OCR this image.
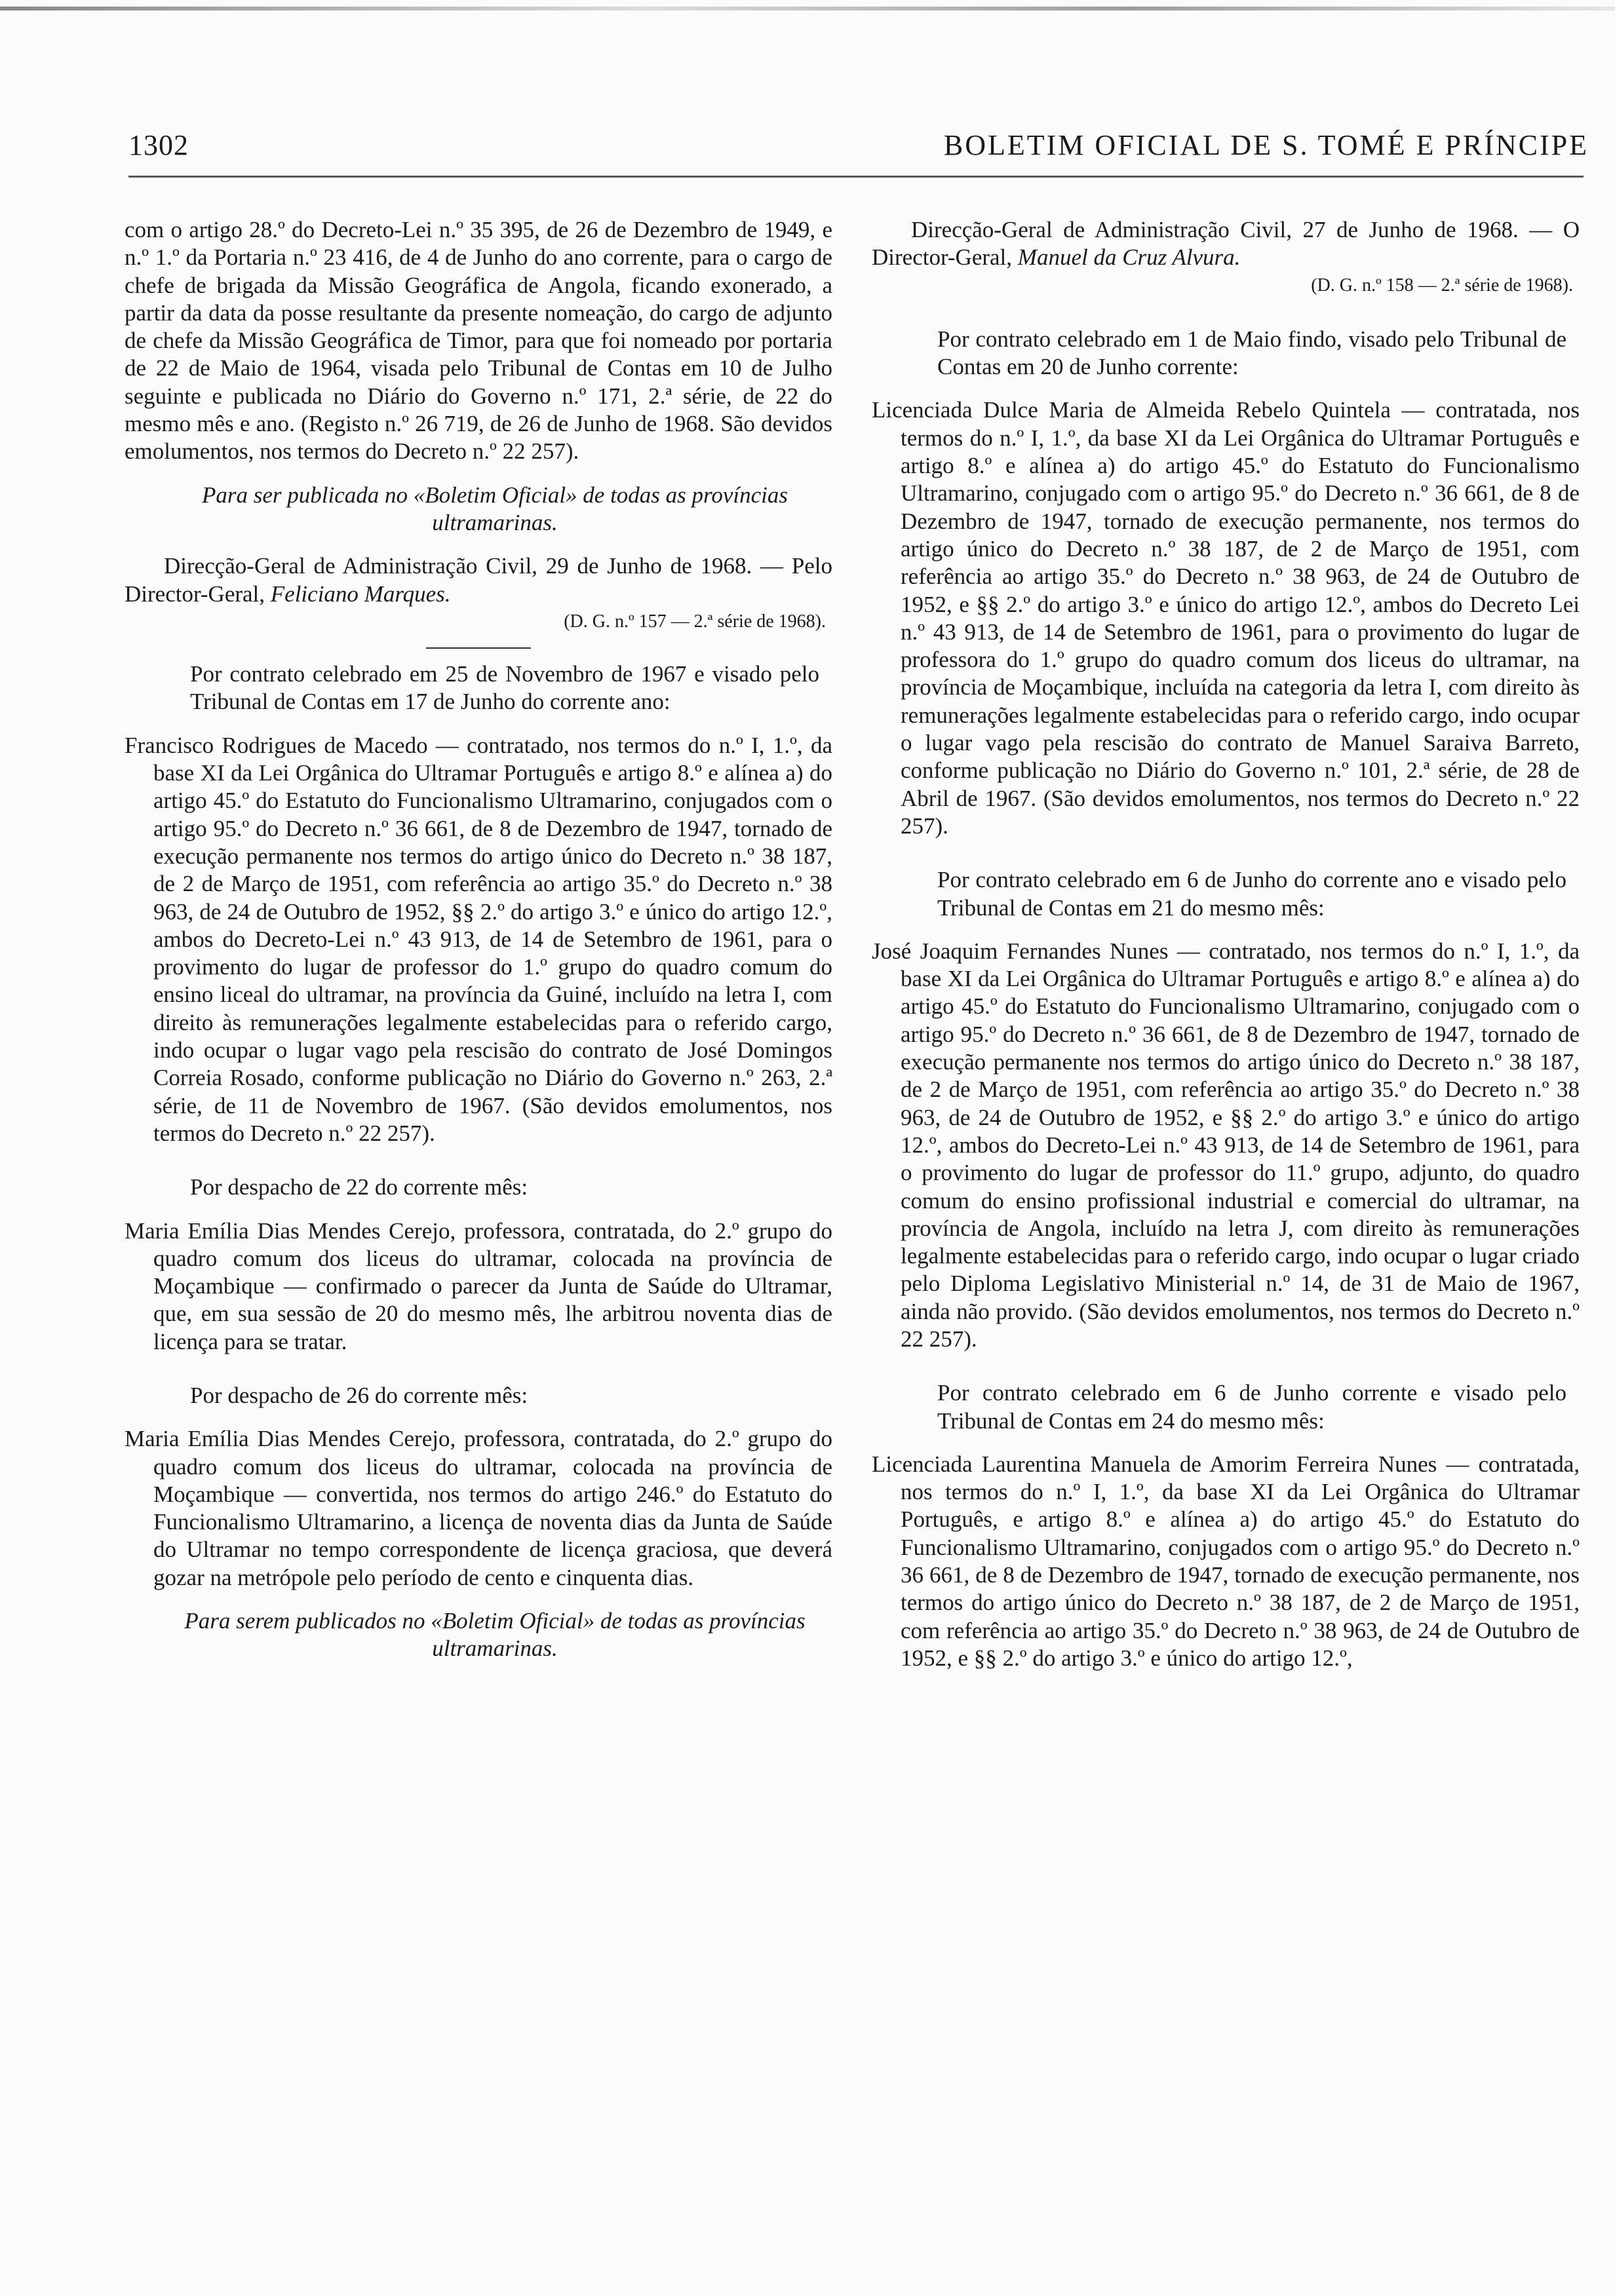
1302	BOLETIM OFICIAL DE S. TOMÉ E PRÍNCIPE

com o artigo 28.º do Decreto-Lei n.º 35 395, de 26 de Dezembro de 1949, e n.º 1.º da Portaria n.º 23 416, de 4 de Junho do ano corrente, para o cargo de chefe de brigada da Missão Geográfica de Angola, ficando exonerado, a partir da data da posse resultante da presente nomeação, do cargo de adjunto de chefe da Missão Geográfica de Timor, para que foi nomeado por portaria de 22 de Maio de 1964, visada pelo Tribunal de Contas em 10 de Julho seguinte e publicada no Diário do Governo n.º 171, 2.ª série, de 22 do mesmo mês e ano. (Registo n.º 26 719, de 26 de Junho de 1968. São devidos emolumentos, nos termos do Decreto n.º 22 257).

Para ser publicada no «Boletim Oficial» de todas as províncias ultramarinas.

Direcção-Geral de Administração Civil, 29 de Junho de 1968. — Pelo Director-Geral, Feliciano Marques.

(D. G. n.º 157 — 2.ª série de 1968).

Por contrato celebrado em 25 de Novembro de 1967 e visado pelo Tribunal de Contas em 17 de Junho do corrente ano:

Francisco Rodrigues de Macedo — contratado, nos termos do n.º I, 1.º, da base XI da Lei Orgânica do Ultramar Português e artigo 8.º e alínea a) do artigo 45.º do Estatuto do Funcionalismo Ultramarino, conjugados com o artigo 95.º do Decreto n.º 36 661, de 8 de Dezembro de 1947, tornado de execução permanente nos termos do artigo único do Decreto n.º 38 187, de 2 de Março de 1951, com referência ao artigo 35.º do Decreto n.º 38 963, de 24 de Outubro de 1952, §§ 2.º do artigo 3.º e único do artigo 12.º, ambos do Decreto-Lei n.º 43 913, de 14 de Setembro de 1961, para o provimento do lugar de professor do 1.º grupo do quadro comum do ensino liceal do ultramar, na província da Guiné, incluído na letra I, com direito às remunerações legalmente estabelecidas para o referido cargo, indo ocupar o lugar vago pela rescisão do contrato de José Domingos Correia Rosado, conforme publicação no Diário do Governo n.º 263, 2.ª série, de 11 de Novembro de 1967. (São devidos emolumentos, nos termos do Decreto n.º 22 257).

Por despacho de 22 do corrente mês:

Maria Emília Dias Mendes Cerejo, professora, contratada, do 2.º grupo do quadro comum dos liceus do ultramar, colocada na província de Moçambique — confirmado o parecer da Junta de Saúde do Ultramar, que, em sua sessão de 20 do mesmo mês, lhe arbitrou noventa dias de licença para se tratar.

Por despacho de 26 do corrente mês:

Maria Emília Dias Mendes Cerejo, professora, contratada, do 2.º grupo do quadro comum dos liceus do ultramar, colocada na província de Moçambique — convertida, nos termos do artigo 246.º do Estatuto do Funcionalismo Ultramarino, a licença de noventa dias da Junta de Saúde do Ultramar no tempo correspondente de licença graciosa, que deverá gozar na metrópole pelo período de cento e cinquenta dias.

Para serem publicados no «Boletim Oficial» de todas as províncias ultramarinas.

Direcção-Geral de Administração Civil, 27 de Junho de 1968. — O Director-Geral, Manuel da Cruz Alvura.

(D. G. n.º 158 — 2.ª série de 1968).

Por contrato celebrado em 1 de Maio findo, visado pelo Tribunal de Contas em 20 de Junho corrente:

Licenciada Dulce Maria de Almeida Rebelo Quintela — contratada, nos termos do n.º I, 1.º, da base XI da Lei Orgânica do Ultramar Português e artigo 8.º e alínea a) do artigo 45.º do Estatuto do Funcionalismo Ultramarino, conjugado com o artigo 95.º do Decreto n.º 36 661, de 8 de Dezembro de 1947, tornado de execução permanente, nos termos do artigo único do Decreto n.º 38 187, de 2 de Março de 1951, com referência ao artigo 35.º do Decreto n.º 38 963, de 24 de Outubro de 1952, e §§ 2.º do artigo 3.º e único do artigo 12.º, ambos do Decreto Lei n.º 43 913, de 14 de Setembro de 1961, para o provimento do lugar de professora do 1.º grupo do quadro comum dos liceus do ultramar, na província de Moçambique, incluída na categoria da letra I, com direito às remunerações legalmente estabelecidas para o referido cargo, indo ocupar o lugar vago pela rescisão do contrato de Manuel Saraiva Barreto, conforme publicação no Diário do Governo n.º 101, 2.ª série, de 28 de Abril de 1967. (São devidos emolumentos, nos termos do Decreto n.º 22 257).

Por contrato celebrado em 6 de Junho do corrente ano e visado pelo Tribunal de Contas em 21 do mesmo mês:

José Joaquim Fernandes Nunes — contratado, nos termos do n.º I, 1.º, da base XI da Lei Orgânica do Ultramar Português e artigo 8.º e alínea a) do artigo 45.º do Estatuto do Funcionalismo Ultramarino, conjugado com o artigo 95.º do Decreto n.º 36 661, de 8 de Dezembro de 1947, tornado de execução permanente nos termos do artigo único do Decreto n.º 38 187, de 2 de Março de 1951, com referência ao artigo 35.º do Decreto n.º 38 963, de 24 de Outubro de 1952, e §§ 2.º do artigo 3.º e único do artigo 12.º, ambos do Decreto-Lei n.º 43 913, de 14 de Setembro de 1961, para o provimento do lugar de professor do 11.º grupo, adjunto, do quadro comum do ensino profissional industrial e comercial do ultramar, na província de Angola, incluído na letra J, com direito às remunerações legalmente estabelecidas para o referido cargo, indo ocupar o lugar criado pelo Diploma Legislativo Ministerial n.º 14, de 31 de Maio de 1967, ainda não provido. (São devidos emolumentos, nos termos do Decreto n.º 22 257).

Por contrato celebrado em 6 de Junho corrente e visado pelo Tribunal de Contas em 24 do mesmo mês:

Licenciada Laurentina Manuela de Amorim Ferreira Nunes — contratada, nos termos do n.º I, 1.º, da base XI da Lei Orgânica do Ultramar Português, e artigo 8.º e alínea a) do artigo 45.º do Estatuto do Funcionalismo Ultramarino, conjugados com o artigo 95.º do Decreto n.º 36 661, de 8 de Dezembro de 1947, tornado de execução permanente, nos termos do artigo único do Decreto n.º 38 187, de 2 de Março de 1951, com referência ao artigo 35.º do Decreto n.º 38 963, de 24 de Outubro de 1952, e §§ 2.º do artigo 3.º e único do artigo 12.º,
